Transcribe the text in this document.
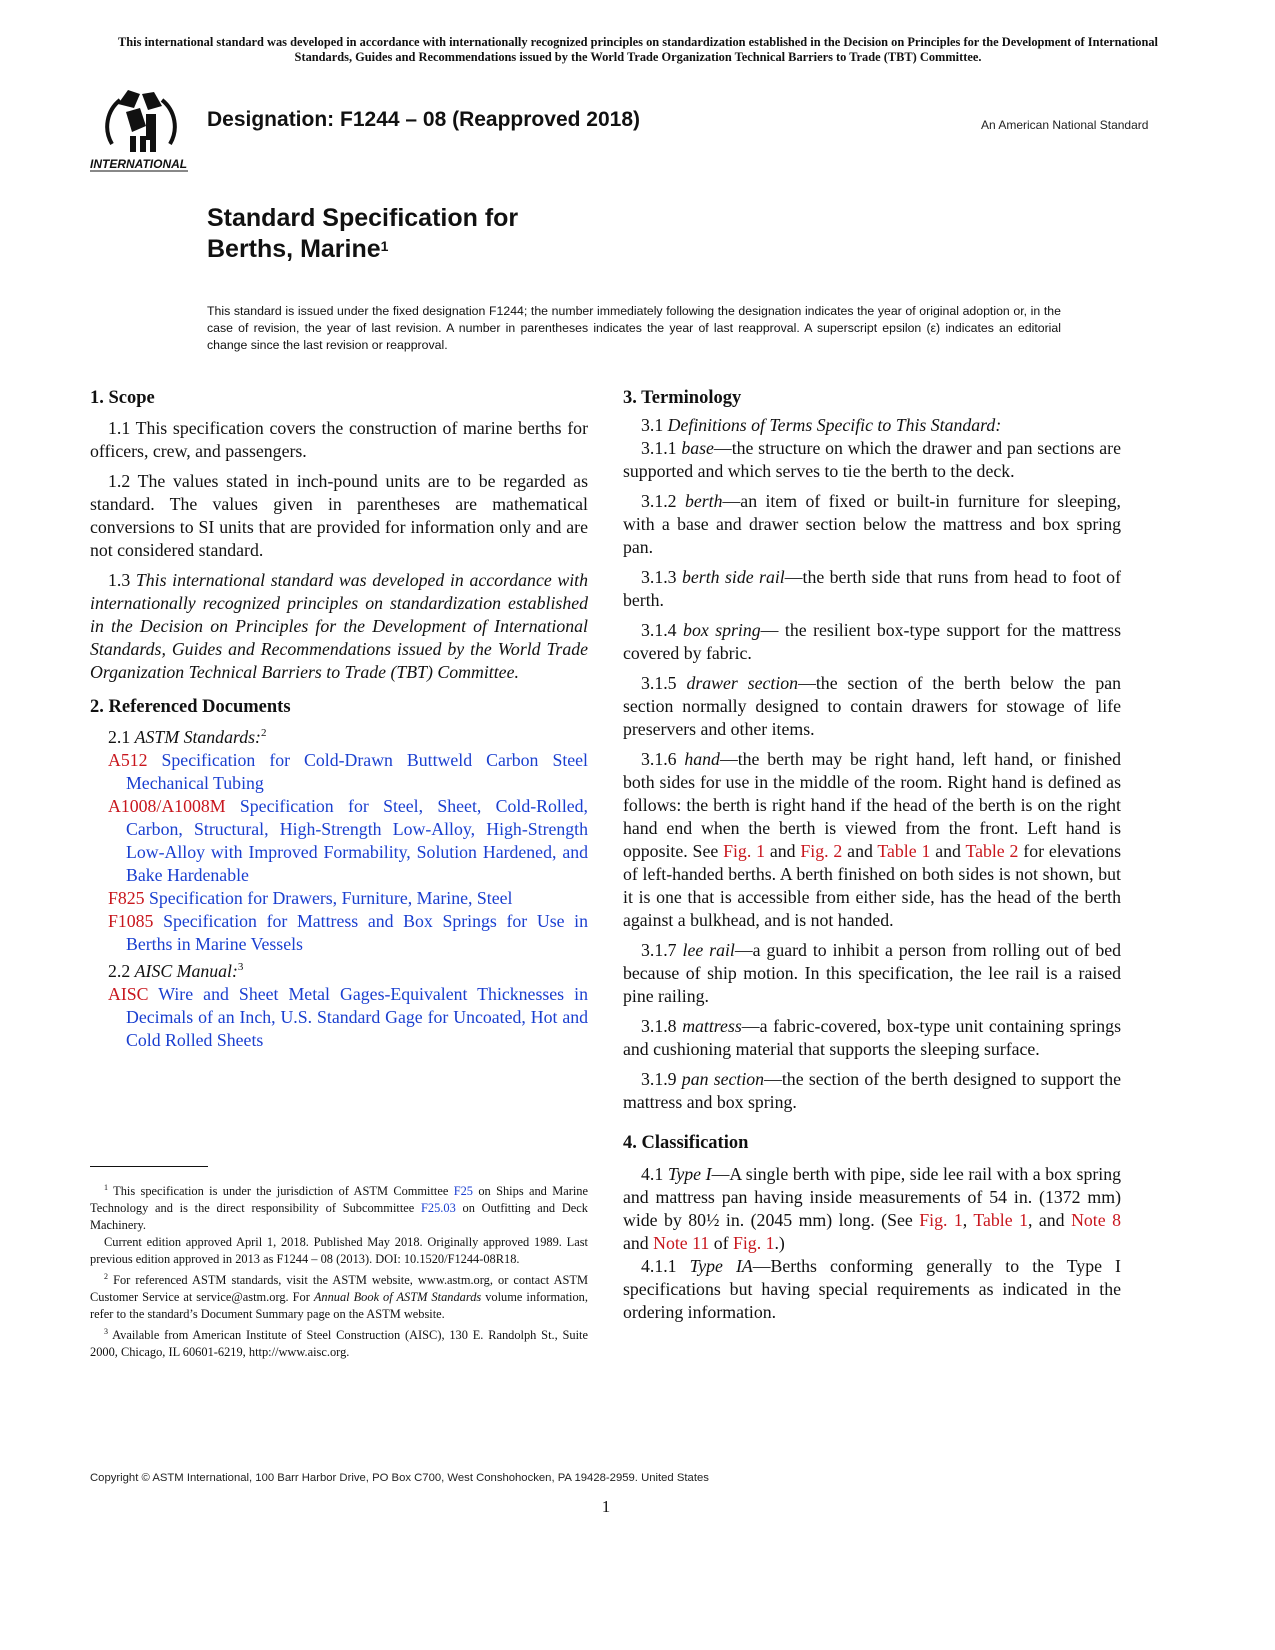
This international standard was developed in accordance with internationally recognized principles on standardization established in the Decision on Principles for the Development of International Standards, Guides and Recommendations issued by the World Trade Organization Technical Barriers to Trade (TBT) Committee.
INTERNATIONAL
Designation: F1244 – 08 (Reapproved 2018)	An American National Standard
Standard Specification for
Berths, Marine$^1$
This standard is issued under the fixed designation F1244; the number immediately following the designation indicates the year of original adoption or, in the case of revision, the year of last revision. A number in parentheses indicates the year of last reapproval. A superscript epsilon (ε) indicates an editorial change since the last revision or reapproval.
1. Scope

1.1 This specification covers the construction of marine berths for officers, crew, and passengers.

1.2 The values stated in inch-pound units are to be regarded as standard. The values given in parentheses are mathematical conversions to SI units that are provided for information only and are not considered standard.

1.3 This international standard was developed in accordance with internationally recognized principles on standardization established in the Decision on Principles for the Development of International Standards, Guides and Recommendations issued by the World Trade Organization Technical Barriers to Trade (TBT) Committee.

2. Referenced Documents

2.1 ASTM Standards:$^2$

A512 Specification for Cold-Drawn Buttweld Carbon Steel Mechanical Tubing

A1008/A1008M Specification for Steel, Sheet, Cold-Rolled, Carbon, Structural, High-Strength Low-Alloy, High-Strength Low-Alloy with Improved Formability, Solution Hardened, and Bake Hardenable

F825 Specification for Drawers, Furniture, Marine, Steel

F1085 Specification for Mattress and Box Springs for Use in Berths in Marine Vessels

2.2 AISC Manual:$^3$

AISC Wire and Sheet Metal Gages-Equivalent Thicknesses in Decimals of an Inch, U.S. Standard Gage for Uncoated, Hot and Cold Rolled Sheets

$^1$ This specification is under the jurisdiction of ASTM Committee F25 on Ships and Marine Technology and is the direct responsibility of Subcommittee F25.03 on Outfitting and Deck Machinery.

Current edition approved April 1, 2018. Published May 2018. Originally approved 1989. Last previous edition approved in 2013 as F1244 – 08 (2013). DOI: 10.1520/F1244-08R18.

$^2$ For referenced ASTM standards, visit the ASTM website, www.astm.org, or contact ASTM Customer Service at service@astm.org. For Annual Book of ASTM Standards volume information, refer to the standard’s Document Summary page on the ASTM website.

$^3$ Available from American Institute of Steel Construction (AISC), 130 E. Randolph St., Suite 2000, Chicago, IL 60601-6219, http://www.aisc.org.

3. Terminology

3.1 Definitions of Terms Specific to This Standard:

3.1.1 base—the structure on which the drawer and pan sections are supported and which serves to tie the berth to the deck.

3.1.2 berth—an item of fixed or built-in furniture for sleeping, with a base and drawer section below the mattress and box spring pan.

3.1.3 berth side rail—the berth side that runs from head to foot of berth.

3.1.4 box spring— the resilient box-type support for the mattress covered by fabric.

3.1.5 drawer section—the section of the berth below the pan section normally designed to contain drawers for stowage of life preservers and other items.

3.1.6 hand—the berth may be right hand, left hand, or finished both sides for use in the middle of the room. Right hand is defined as follows: the berth is right hand if the head of the berth is on the right hand end when the berth is viewed from the front. Left hand is opposite. See Fig. 1 and Fig. 2 and Table 1 and Table 2 for elevations of left-handed berths. A berth finished on both sides is not shown, but it is one that is accessible from either side, has the head of the berth against a bulkhead, and is not handed.

3.1.7 lee rail—a guard to inhibit a person from rolling out of bed because of ship motion. In this specification, the lee rail is a raised pine railing.

3.1.8 mattress—a fabric-covered, box-type unit containing springs and cushioning material that supports the sleeping surface.

3.1.9 pan section—the section of the berth designed to support the mattress and box spring.

4. Classification

4.1 Type I—A single berth with pipe, side lee rail with a box spring and mattress pan having inside measurements of 54 in. (1372 mm) wide by 80½ in. (2045 mm) long. (See Fig. 1, Table 1, and Note 8 and Note 11 of Fig. 1.)

4.1.1 Type IA—Berths conforming generally to the Type I specifications but having special requirements as indicated in the ordering information.

Copyright © ASTM International, 100 Barr Harbor Drive, PO Box C700, West Conshohocken, PA 19428-2959. United States
1
